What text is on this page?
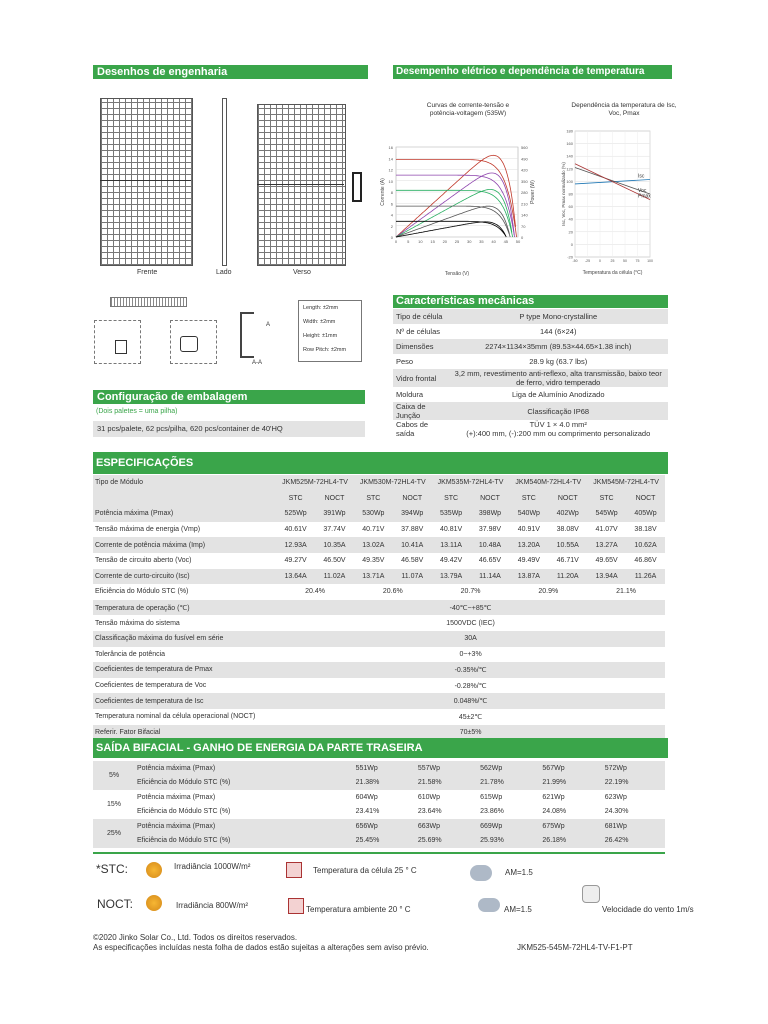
Desenhos de engenharia	Desempenho elétrico e dependência de temperatura
Frente	Lado	Verso
A-A
A
Length: ±2mm
Width: ±2mm
Height: ±1mm
Row Pitch: ±2mm
Curvas de corrente-tensão e potência-voltagem (535W)
0	0
2	70
4	140
6	210
8	280
10	350
12	420
14	490
16	560
0 5 10 15 20 25 30 35 40 45 50
Tensão (V)
Corrente (A)	Power (W)
Dependência da temperatura de Isc, Voc, Pmax
180
160
140
120
100
80
60
40
20
0
-20
-50 -25	0	25 50 75 100
Isc
Voc
Pmax
Temperatura da célula (°C)
Isc, Voc, Pmax normalizado (%)
Características mecânicas
Tipo de célula	P type Mono-crystalline
Nº de células	144 (6×24)
Dimensões	2274×1134×35mm (89.53×44.65×1.38 inch)
Peso	28.9 kg (63.7 lbs)
Vidro frontal	3,2 mm, revestimento anti-reflexo, alta transmissão, baixo teor de ferro, vidro temperado
Moldura	Liga de Alumínio Anodizado
Caixa de Junção	Classificação IP68
Cabos de saída	TÜV 1 × 4.0 mm²
(+):400 mm, (-):200 mm ou comprimento personalizado
Configuração de embalagem
(Dois paletes = uma pilha)
31 pcs/palete, 62 pcs/pilha, 620 pcs/container de 40'HQ
ESPECIFICAÇÕES
Tipo de Módulo	JKM525M-72HL4-TV		JKM530M-72HL4-TV		JKM535M-72HL4-TV		JKM540M-72HL4-TV		JKM545M-72HL4-TV	
	STC	NOCT	STC	NOCT	STC	NOCT	STC	NOCT	STC	NOCT
Potência máxima (Pmax)	525Wp	391Wp	530Wp	394Wp	535Wp	398Wp	540Wp	402Wp	545Wp	405Wp
Tensão máxima de energia (Vmp)	40.61V	37.74V	40.71V	37.88V	40.81V	37.98V	40.91V	38.08V	41.07V	38.18V
Corrente de potência máxima (Imp)	12.93A	10.35A	13.02A	10.41A	13.11A	10.48A	13.20A	10.55A	13.27A	10.62A
Tensão de circuito aberto (Voc)	49.27V	46.50V	49.35V	46.58V	49.42V	46.65V	49.49V	46.71V	49.65V	46.86V
Corrente de curto-circuito (Isc)	13.64A	11.02A	13.71A	11.07A	13.79A	11.14A	13.87A	11.20A	13.94A	11.26A
Eficiência do Módulo STC (%)	20.4%		20.6%		20.7%		20.9%		21.1%	
Temperatura de operação (℃)	-40℃~+85℃									
Tensão máxima do sistema	1500VDC (IEC)									
Classificação máxima do fusível em série	30A									
Tolerância de potência	0~+3%									
Coeficientes de temperatura de Pmax	-0.35%/℃									
Coeficientes de temperatura de Voc	-0.28%/℃									
Coeficientes de temperatura de Isc	0.048%/℃									
Temperatura nominal da célula operacional (NOCT)	45±2℃									
Referir. Fator Bifacial	70±5%									
SAÍDA BIFACIAL - GANHO DE ENERGIA DA PARTE TRASEIRA
5%	Potência máxima (Pmax)	551Wp	557Wp	562Wp	567Wp	572Wp
	Eficiência do Módulo STC (%)	21.38%	21.58%	21.78%	21.99%	22.19%
15%	Potência máxima (Pmax)	604Wp	610Wp	615Wp	621Wp	623Wp
	Eficiência do Módulo STC (%)	23.41%	23.64%	23.86%	24.08%	24.30%
25%	Potência máxima (Pmax)	656Wp	663Wp	669Wp	675Wp	681Wp
	Eficiência do Módulo STC (%)	25.45%	25.69%	25.93%	26.18%	26.42%
*STC:	Irradiância 1000W/m²	Temperatura da célula 25 ° C	AM=1.5
NOCT:	Irradiância 800W/m²	Temperatura ambiente 20 ° C	AM=1.5	Velocidade do vento 1m/s
©2020 Jinko Solar Co., Ltd. Todos os direitos reservados.
As especificações incluídas nesta folha de dados estão sujeitas a alterações sem aviso prévio.	JKM525-545M-72HL4-TV-F1-PT
